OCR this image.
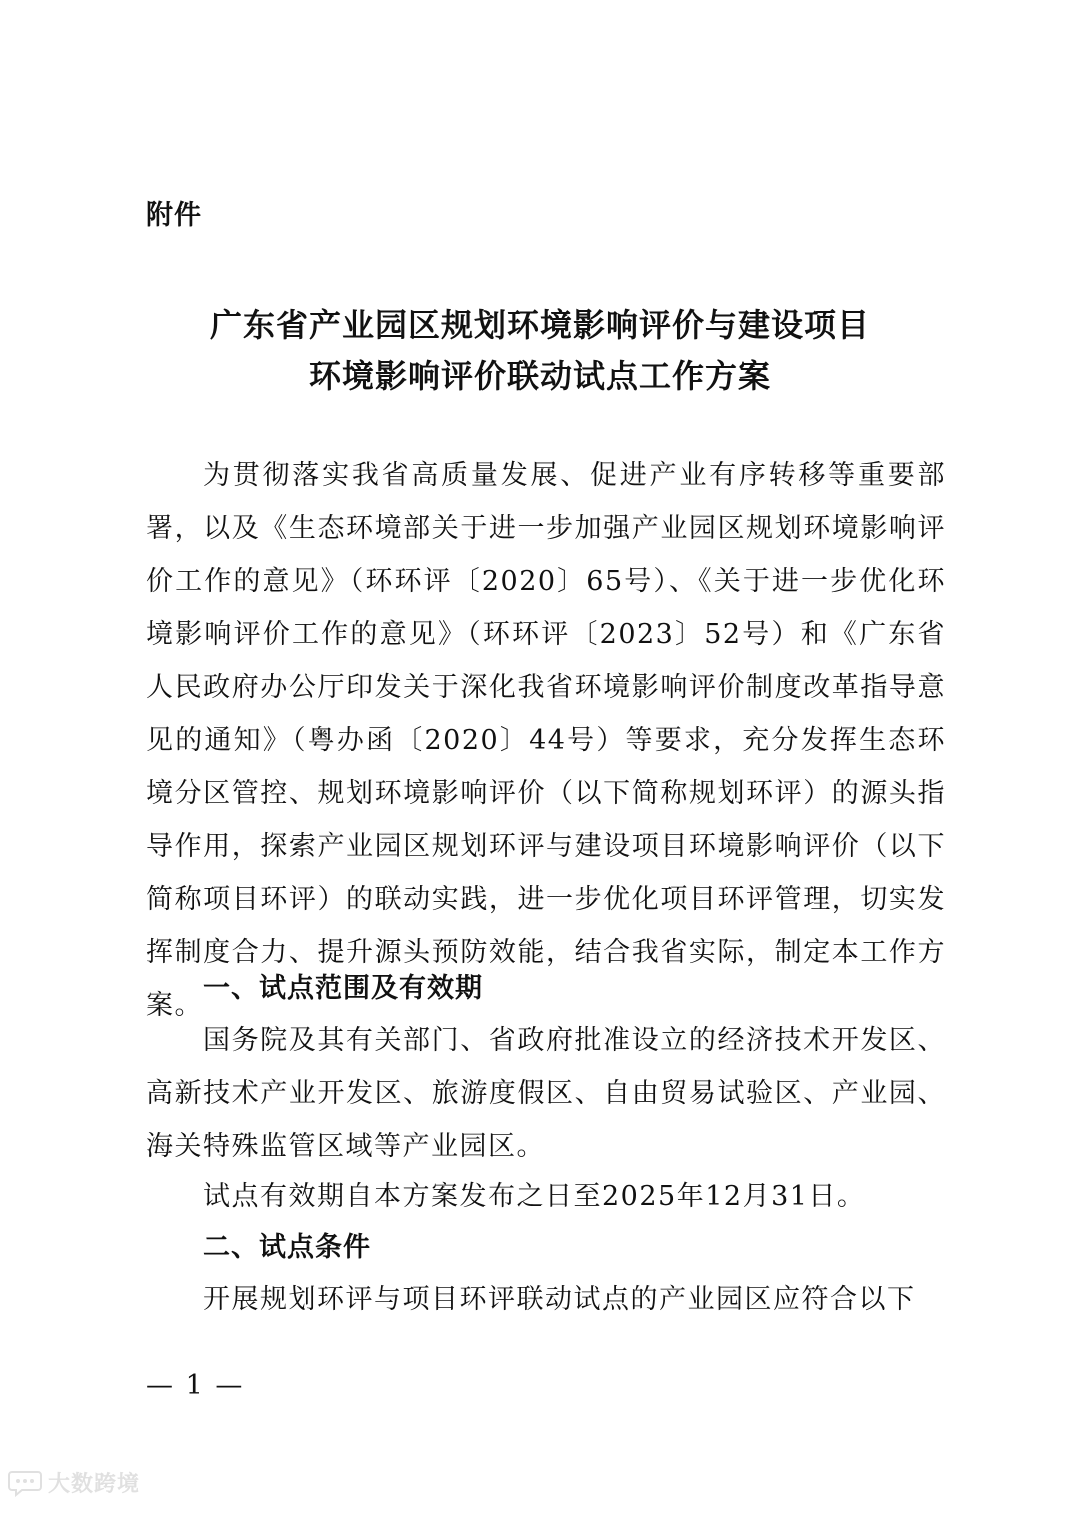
附件
广东省产业园区规划环境影响评价与建设项目
环境影响评价联动试点工作方案

为贯彻落实我省高质量发展、促进产业有序转移等重要部署，以及《生态环境部关于进一步加强产业园区规划环境影响评价工作的意见》（环环评〔2020〕65号）、《关于进一步优化环境影响评价工作的意见》（环环评〔2023〕52号）和《广东省人民政府办公厅印发关于深化我省环境影响评价制度改革指导意见的通知》（粤办函〔2020〕44号）等要求，充分发挥生态环境分区管控、规划环境影响评价（以下简称规划环评）的源头指导作用，探索产业园区规划环评与建设项目环境影响评价（以下简称项目环评）的联动实践，进一步优化项目环评管理，切实发挥制度合力、提升源头预防效能，结合我省实际，制定本工作方案。

一、试点范围及有效期

国务院及其有关部门、省政府批准设立的经济技术开发区、高新技术产业开发区、旅游度假区、自由贸易试验区、产业园、海关特殊监管区域等产业园区。

试点有效期自本方案发布之日至2025年12月31日。

二、试点条件

开展规划环评与项目环评联动试点的产业园区应符合以下

— 1 —
大数跨境
